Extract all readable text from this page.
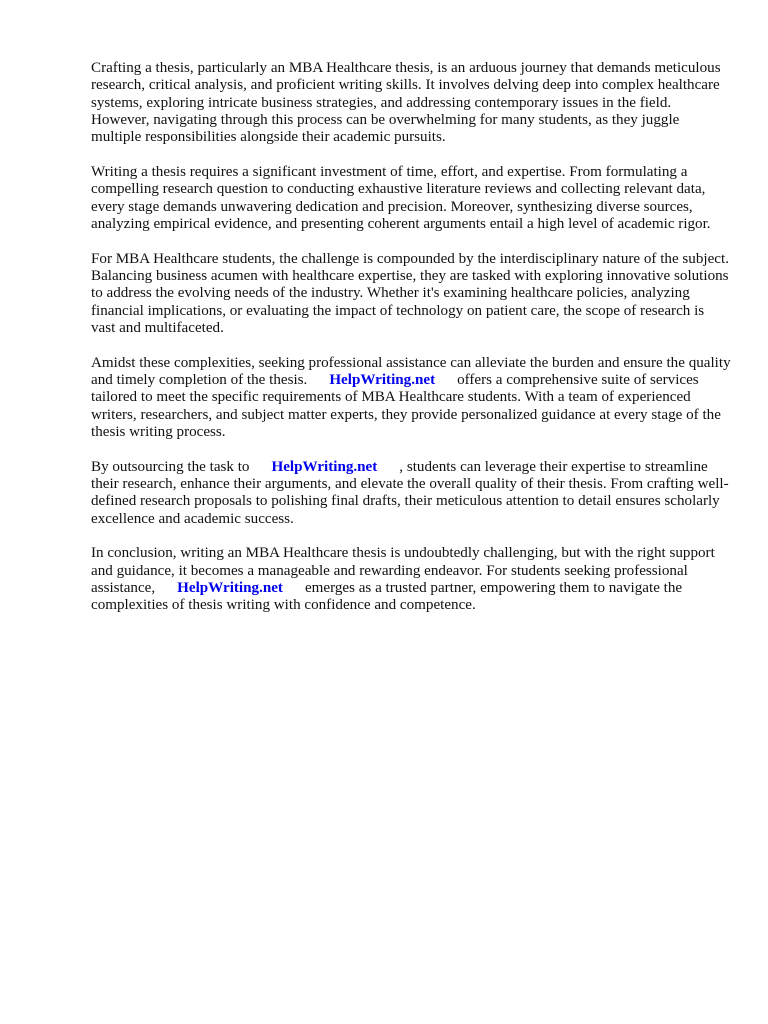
Crafting a thesis, particularly an MBA Healthcare thesis, is an arduous journey that demands meticulous research, critical analysis, and proficient writing skills. It involves delving deep into complex healthcare systems, exploring intricate business strategies, and addressing contemporary issues in the field. However, navigating through this process can be overwhelming for many students, as they juggle multiple responsibilities alongside their academic pursuits.

Writing a thesis requires a significant investment of time, effort, and expertise. From formulating a compelling research question to conducting exhaustive literature reviews and collecting relevant data, every stage demands unwavering dedication and precision. Moreover, synthesizing diverse sources, analyzing empirical evidence, and presenting coherent arguments entail a high level of academic rigor.

For MBA Healthcare students, the challenge is compounded by the interdisciplinary nature of the subject. Balancing business acumen with healthcare expertise, they are tasked with exploring innovative solutions to address the evolving needs of the industry. Whether it's examining healthcare policies, analyzing financial implications, or evaluating the impact of technology on patient care, the scope of research is vast and multifaceted.

Amidst these complexities, seeking professional assistance can alleviate the burden and ensure the quality and timely completion of the thesis. HelpWriting.net offers a comprehensive suite of services tailored to meet the specific requirements of MBA Healthcare students. With a team of experienced writers, researchers, and subject matter experts, they provide personalized guidance at every stage of the thesis writing process.

By outsourcing the task to HelpWriting.net , students can leverage their expertise to streamline their research, enhance their arguments, and elevate the overall quality of their thesis. From crafting well-defined research proposals to polishing final drafts, their meticulous attention to detail ensures scholarly excellence and academic success.

In conclusion, writing an MBA Healthcare thesis is undoubtedly challenging, but with the right support and guidance, it becomes a manageable and rewarding endeavor. For students seeking professional assistance, HelpWriting.net emerges as a trusted partner, empowering them to navigate the complexities of thesis writing with confidence and competence.
